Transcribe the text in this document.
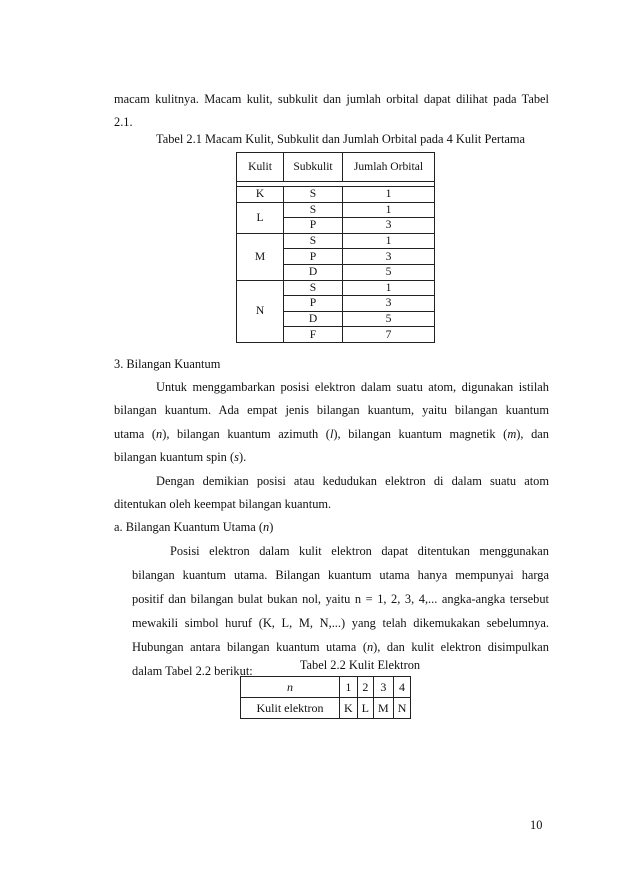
macam kulitnya. Macam kulit, subkulit dan jumlah orbital dapat dilihat pada Tabel
2.1.
Tabel 2.1 Macam Kulit, Subkulit dan Jumlah Orbital pada 4 Kulit Pertama
Kulit	Subkulit	Jumlah Orbital

K	S	1
L	S	1
	P	3
M	S	1
	P	3
	D	5
N	S	1
	P	3
	D	5
	F	7
3. Bilangan Kuantum
Untuk menggambarkan posisi elektron dalam suatu atom, digunakan istilah
bilangan kuantum. Ada empat jenis bilangan kuantum, yaitu bilangan kuantum
utama (n), bilangan kuantum azimuth (l), bilangan kuantum magnetik (m), dan
bilangan kuantum spin (s).
Dengan demikian posisi atau kedudukan elektron di dalam suatu atom
ditentukan oleh keempat bilangan kuantum.
a. Bilangan Kuantum Utama (n)
Posisi elektron dalam kulit elektron dapat ditentukan menggunakan
bilangan kuantum utama. Bilangan kuantum utama hanya mempunyai harga
positif dan bilangan bulat bukan nol, yaitu n = 1, 2, 3, 4,... angka-angka tersebut
mewakili simbol huruf (K, L, M, N,...) yang telah dikemukakan sebelumnya.
Hubungan antara bilangan kuantum utama (n), dan kulit elektron disimpulkan
dalam Tabel 2.2 berikut:	Tabel 2.2 Kulit Elektron
n	1	2	3	4
Kulit elektron	K	L	M	N
10
